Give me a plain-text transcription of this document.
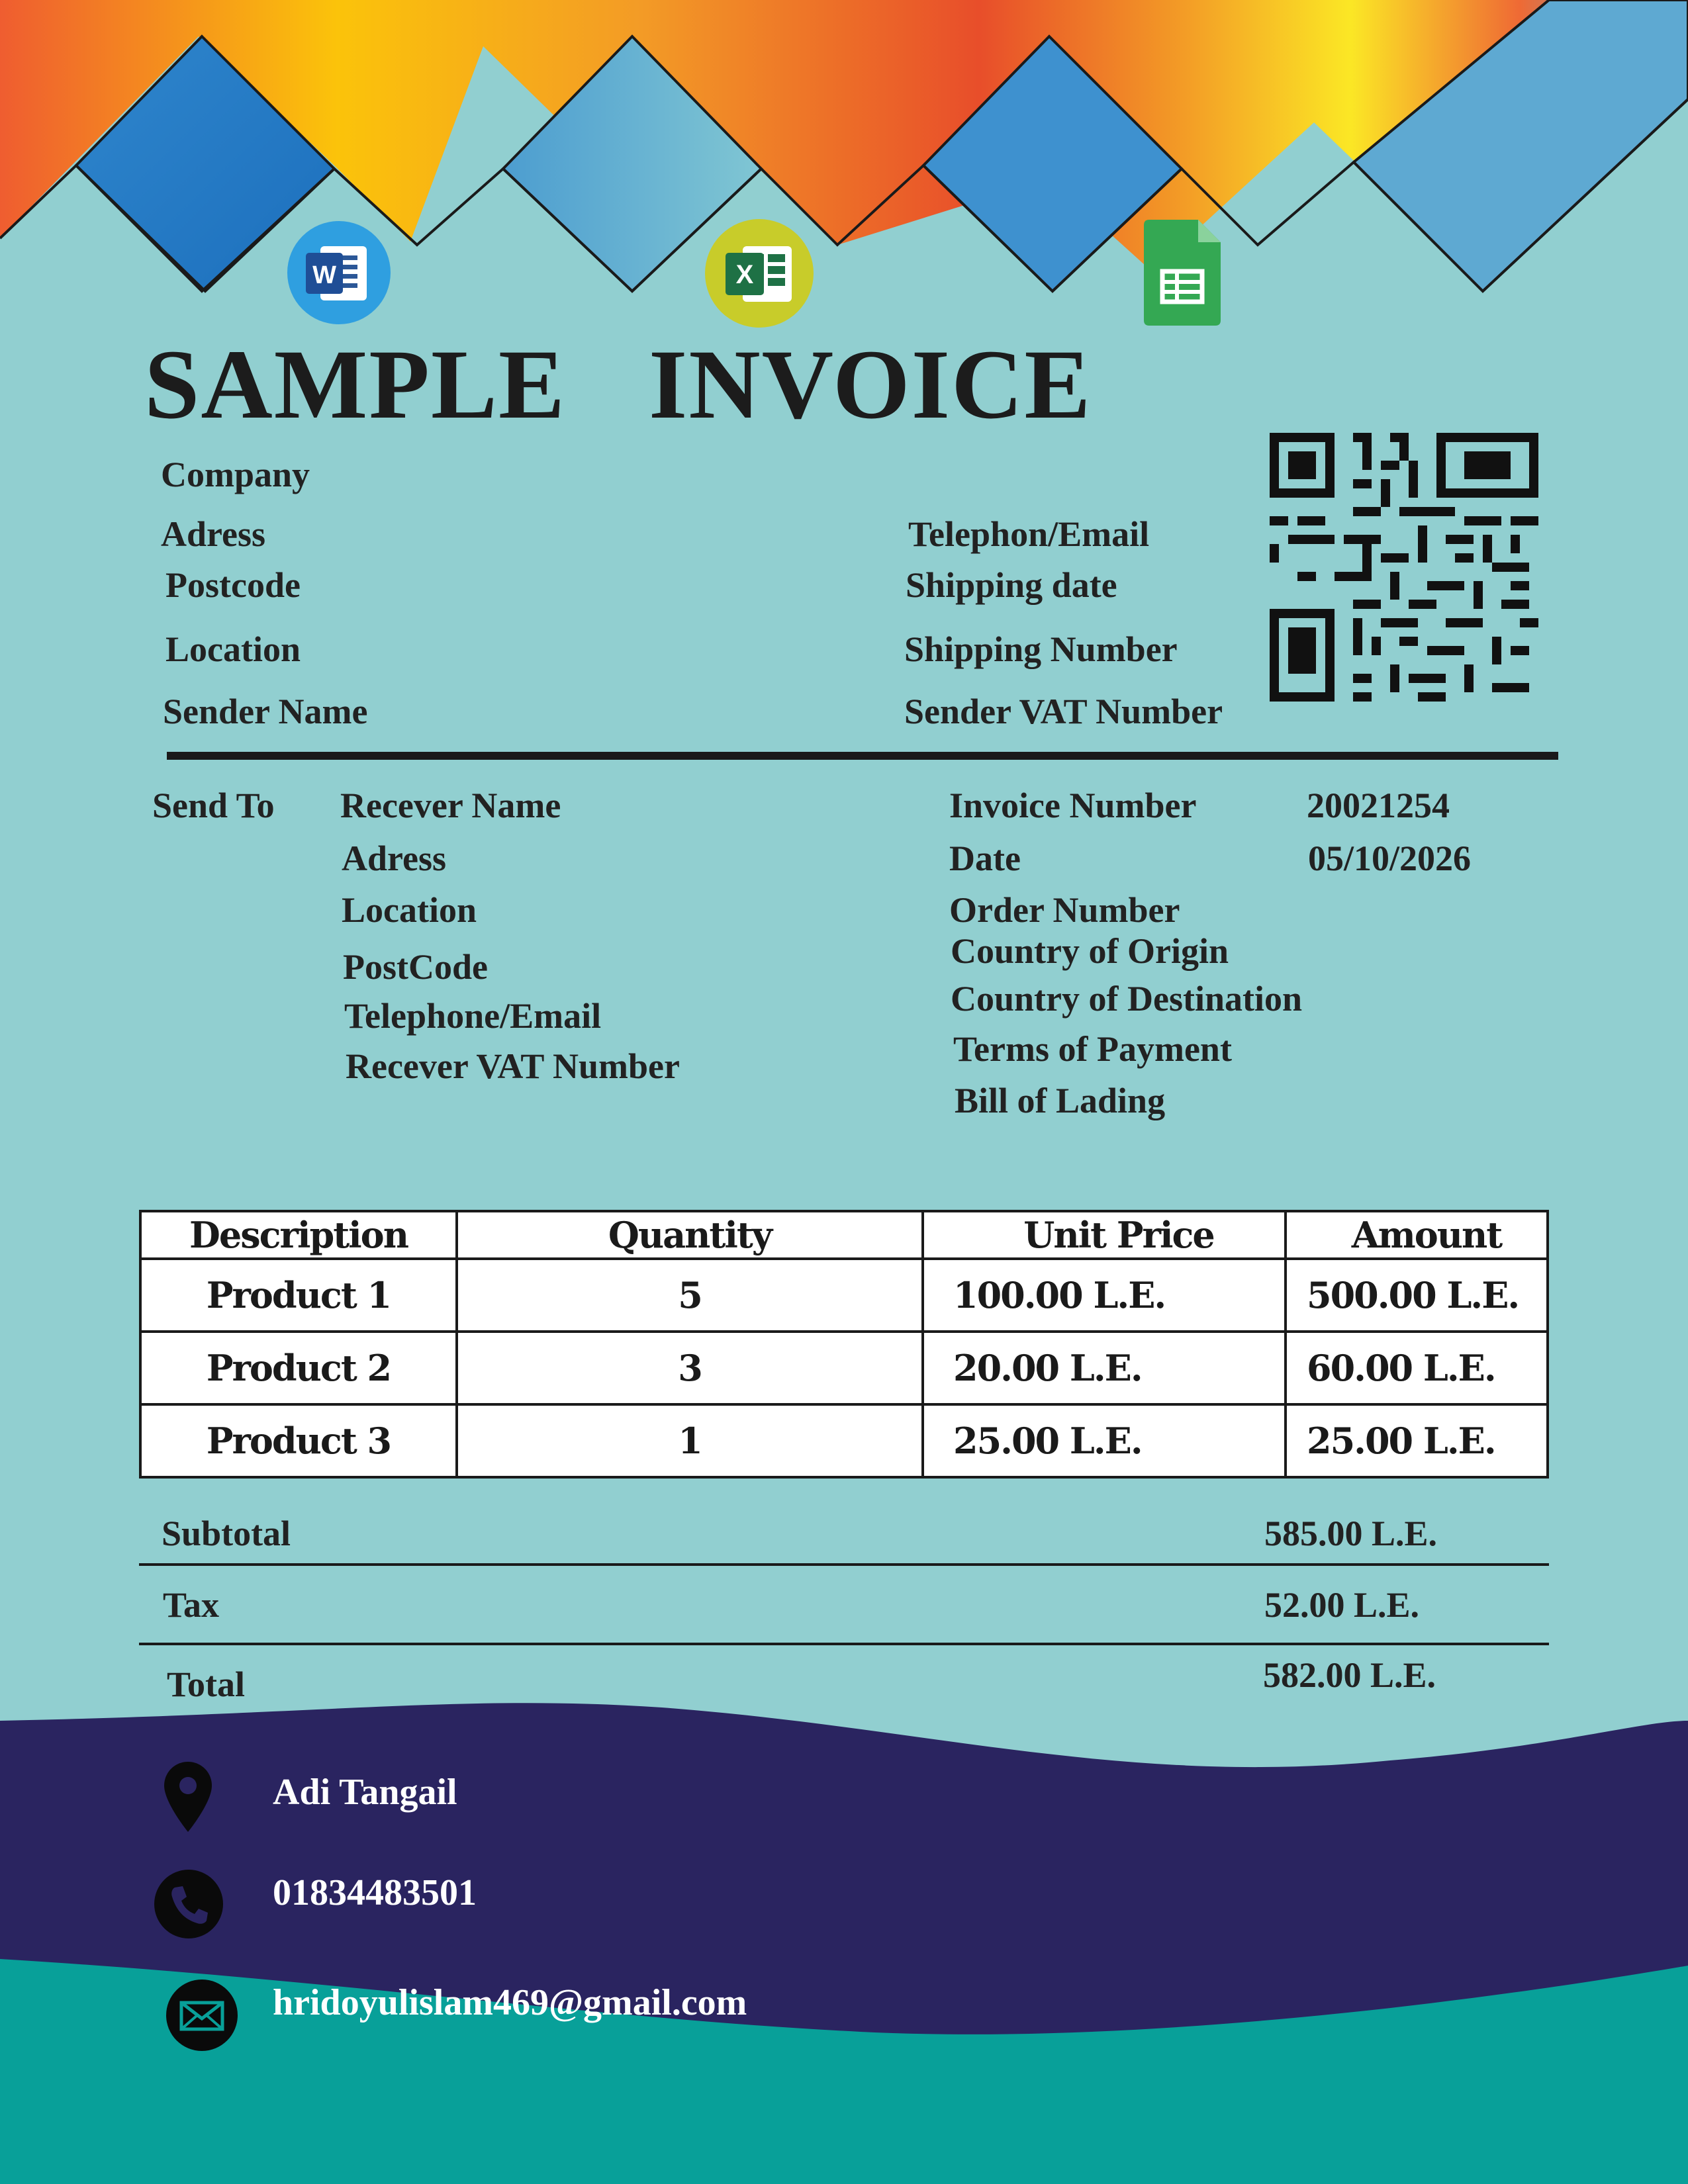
W	X
SAMPLE INVOICE
Company
Adress
Postcode
Location
Sender Name
Telephon/Email
Shipping date
Shipping Number
Sender VAT Number
Send To Recever Name
Adress
Location
PostCode
Telephone/Email
Recever VAT Number
Invoice Number	20021254
Date	05/10/2026
Order Number
Country of Origin
Country of Destination
Terms of Payment
Bill of Lading
Description	Quantity	Unit Price	Amount
Product 1	5	100.00 L.E.	500.00 L.E.
Product 2	3	20.00 L.E.	60.00 L.E.
Product 3	1	25.00 L.E.	25.00 L.E.
Subtotal	585.00 L.E.
Tax	52.00 L.E.
Total	582.00 L.E.
Adi Tangail
01834483501
hridoyulislam469@gmail.com
